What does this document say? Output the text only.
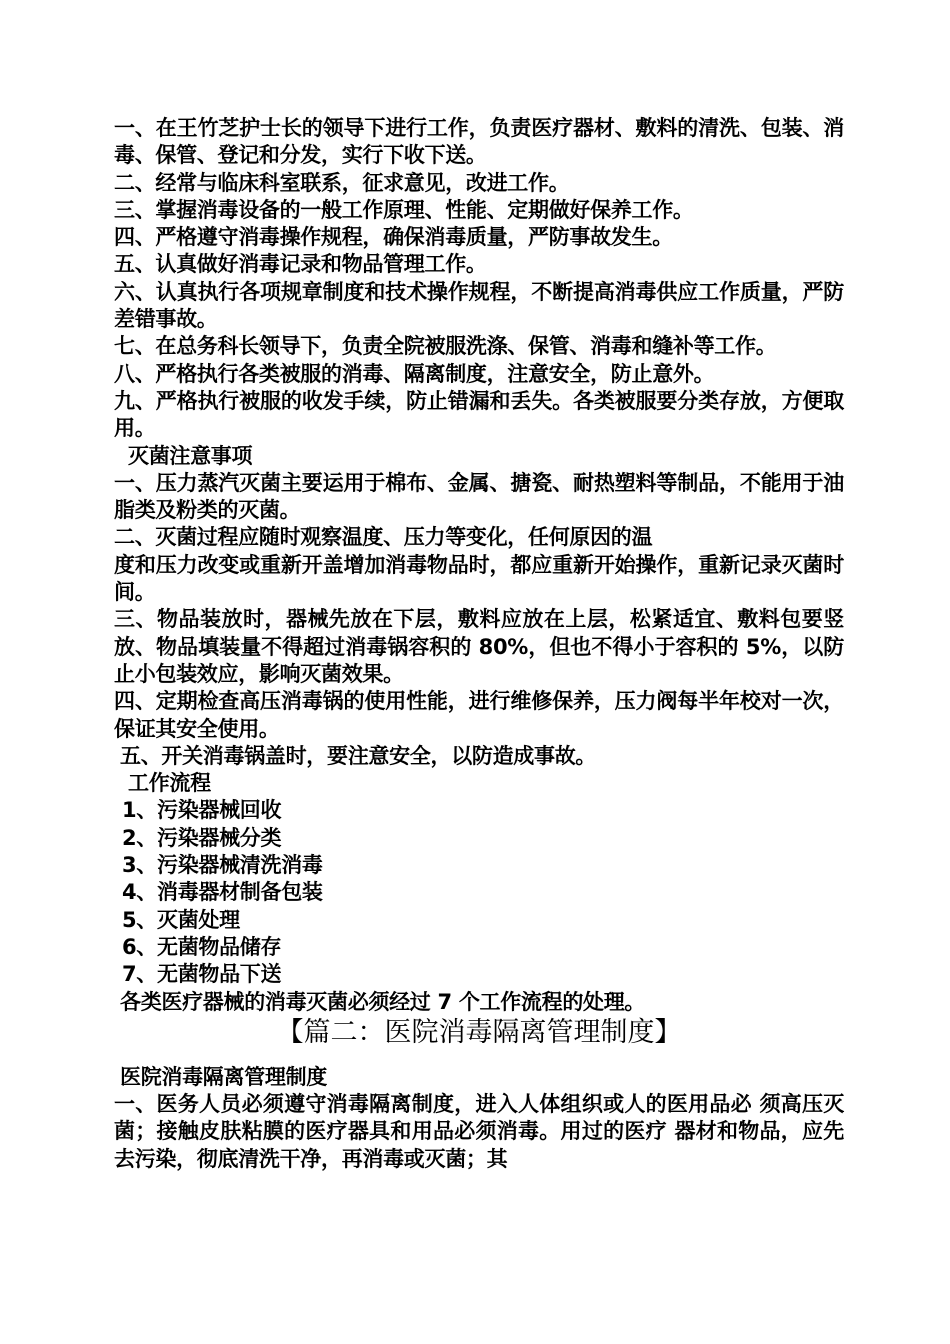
一、在王竹芝护士长的领导下进行工作，负责医疗器材、敷料的清洗、包装、消毒、保管、登记和分发，实行下收下送。

二、经常与临床科室联系，征求意见，改进工作。

三、掌握消毒设备的一般工作原理、性能、定期做好保养工作。

四、严格遵守消毒操作规程，确保消毒质量，严防事故发生。

五、认真做好消毒记录和物品管理工作。

六、认真执行各项规章制度和技术操作规程，不断提高消毒供应工作质量，严防差错事故。

七、在总务科长领导下，负责全院被服洗涤、保管、消毒和缝补等工作。

八、严格执行各类被服的消毒、隔离制度，注意安全，防止意外。

九、严格执行被服的收发手续，防止错漏和丢失。各类被服要分类存放，方便取用。

灭菌注意事项

一、压力蒸汽灭菌主要运用于棉布、金属、搪瓷、耐热塑料等制品，不能用于油脂类及粉类的灭菌。

二、灭菌过程应随时观察温度、压力等变化，任何原因的温

度和压力改变或重新开盖增加消毒物品时，都应重新开始操作，重新记录灭菌时间。

三、物品装放时，器械先放在下层，敷料应放在上层，松紧适宜、敷料包要竖放、物品填装量不得超过消毒锅容积的 80%，但也不得小于容积的 5%，以防止小包装效应，影响灭菌效果。

四、定期检查高压消毒锅的使用性能，进行维修保养，压力阀每半年校对一次，保证其安全使用。

五、开关消毒锅盖时，要注意安全，以防造成事故。

工作流程

1、污染器械回收

2、污染器械分类

3、污染器械清洗消毒

4、消毒器材制备包装

5、灭菌处理

6、无菌物品储存

7、无菌物品下送

各类医疗器械的消毒灭菌必须经过 7 个工作流程的处理。

【篇二：医院消毒隔离管理制度】

医院消毒隔离管理制度

一、医务人员必须遵守消毒隔离制度，进入人体组织或人的医用品必 须高压灭菌；接触皮肤粘膜的医疗器具和用品必须消毒。用过的医疗 器材和物品，应先去污染，彻底清洗干净，再消毒或灭菌；其
